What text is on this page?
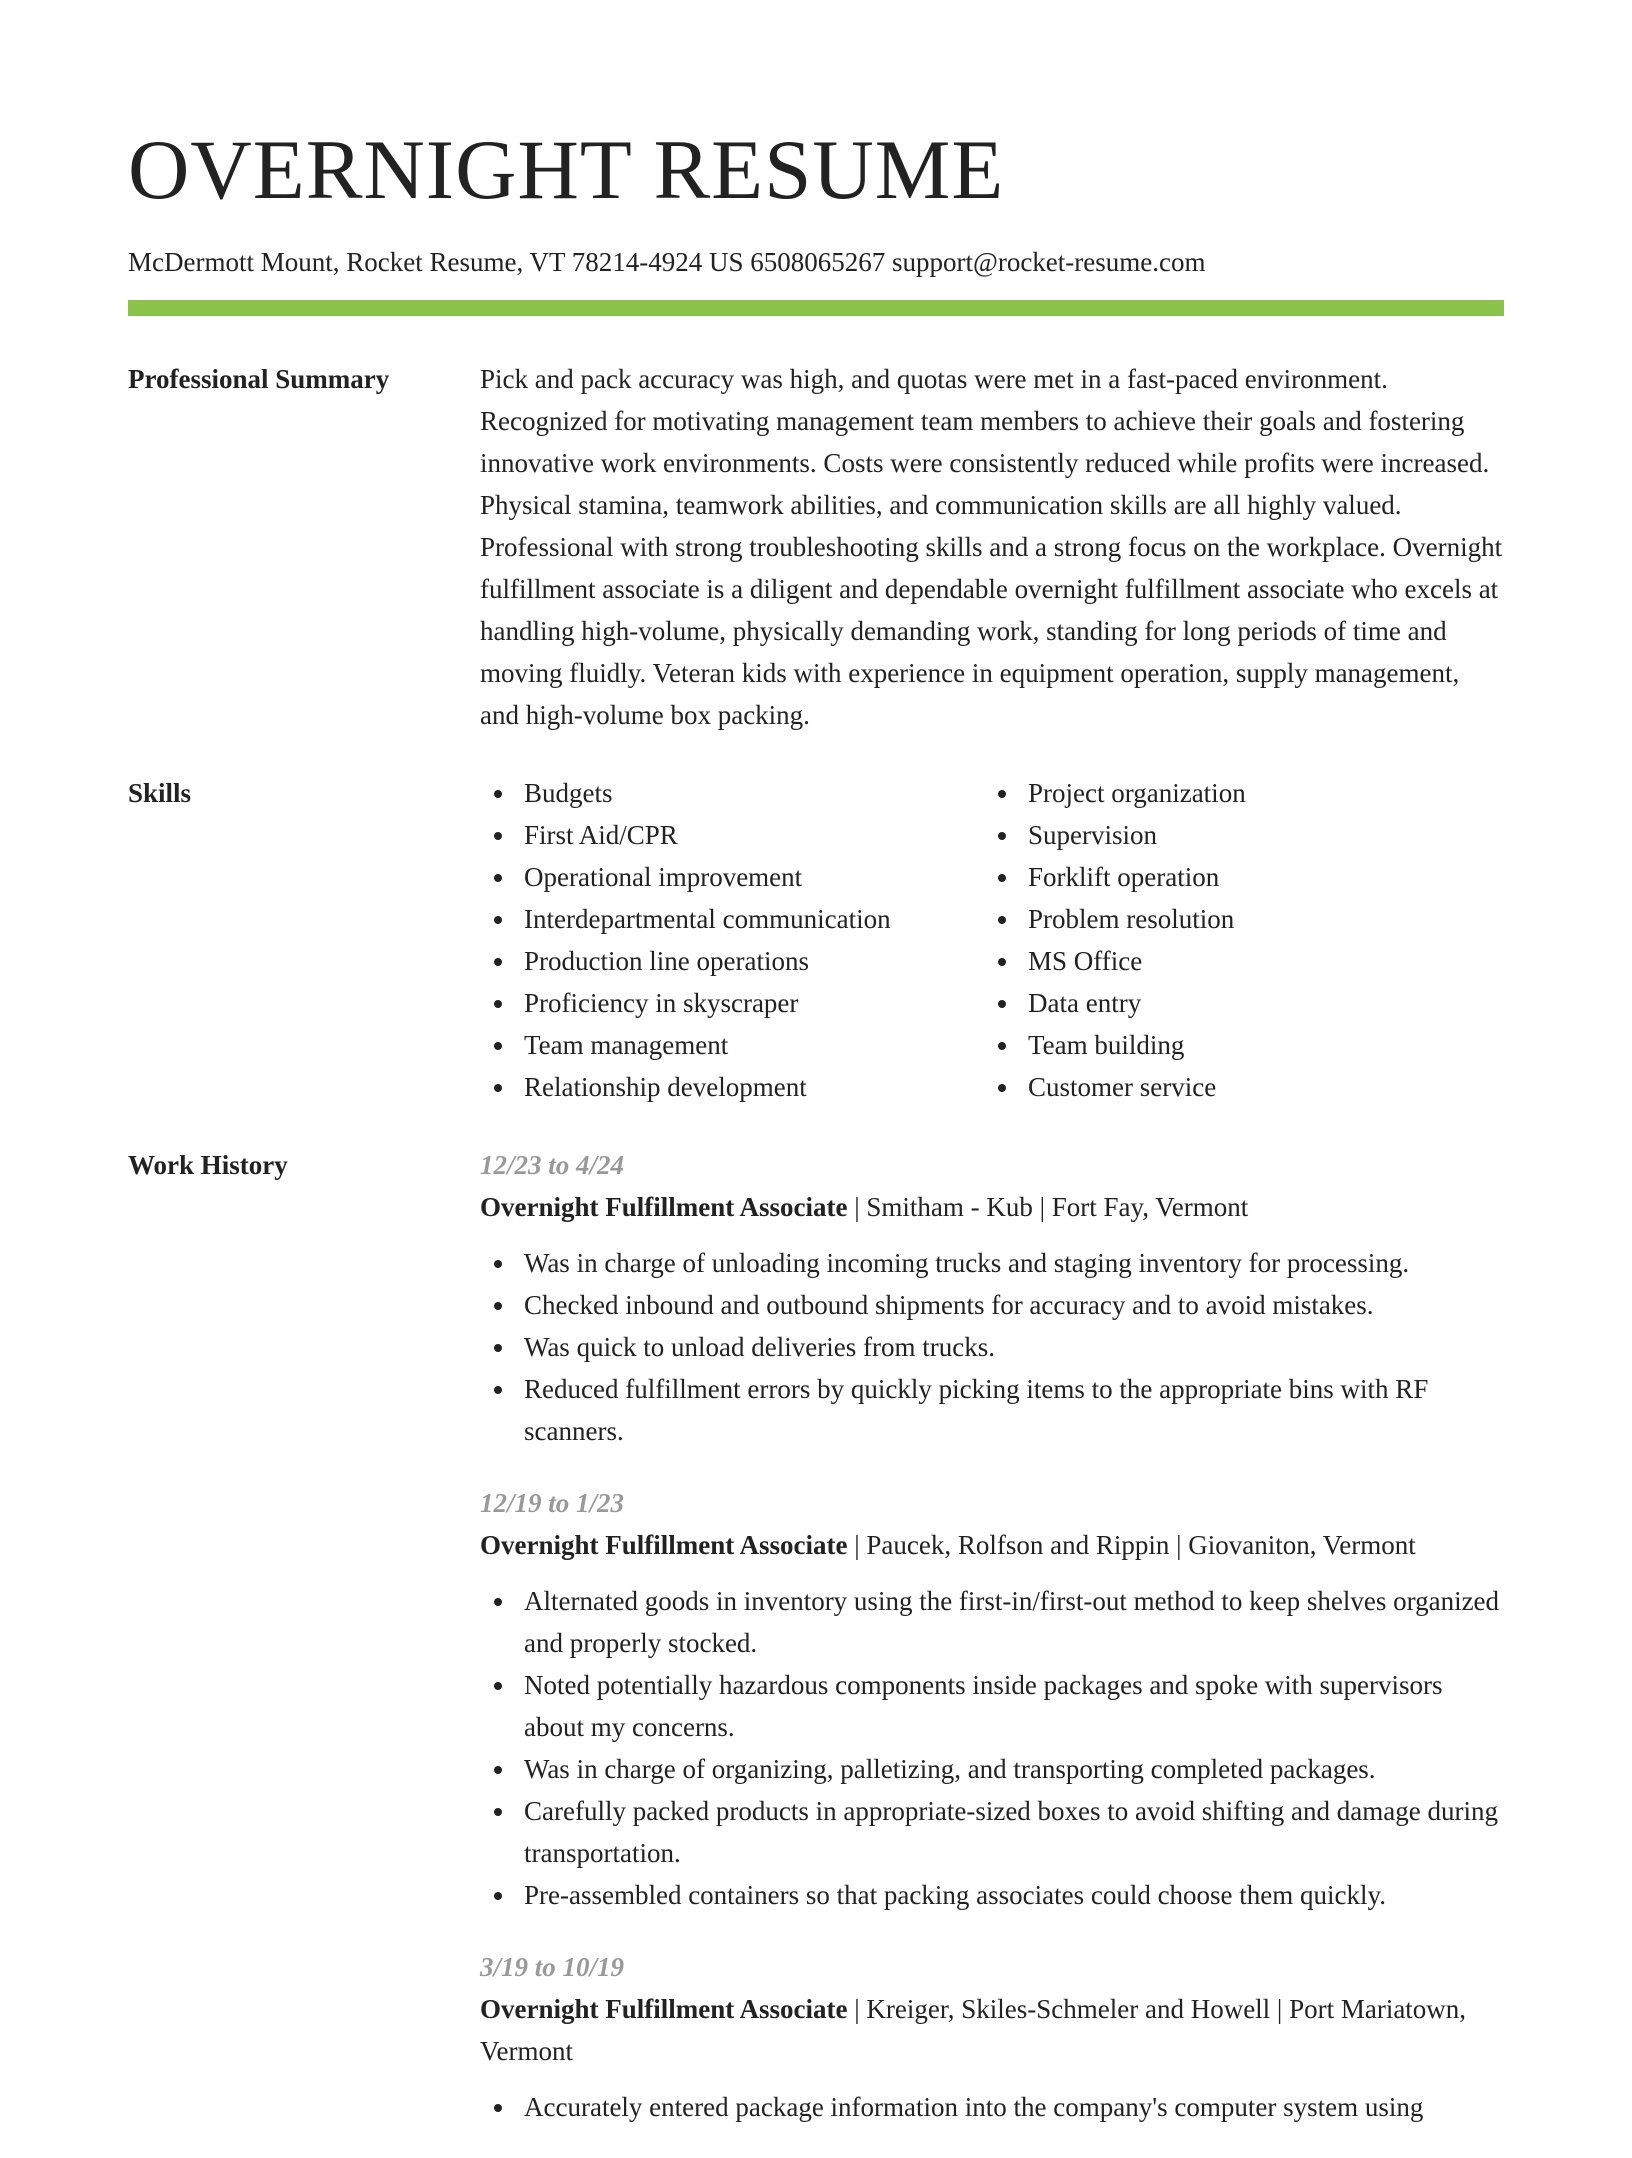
OVERNIGHT RESUME
McDermott Mount, Rocket Resume, VT 78214-4924 US 6508065267 support@rocket-resume.com
Professional Summary	Pick and pack accuracy was high, and quotas were met in a fast-paced environment. Recognized for motivating management team members to achieve their goals and fostering innovative work environments. Costs were consistently reduced while profits were increased. Physical stamina, teamwork abilities, and communication skills are all highly valued. Professional with strong troubleshooting skills and a strong focus on the workplace. Overnight fulfillment associate is a diligent and dependable overnight fulfillment associate who excels at handling high-volume, physically demanding work, standing for long periods of time and moving fluidly. Veteran kids with experience in equipment operation, supply management, and high-volume box packing.

Skills	Budgets
First Aid/CPR
Operational improvement
Interdepartmental communication
Production line operations
Proficiency in skyscraper
Team management
Relationship development
Project organization
Supervision
Forklift operation
Problem resolution
MS Office
Data entry
Team building
Customer service
Work History	12/23 to 4/24
Overnight Fulfillment Associate | Smitham - Kub | Fort Fay, Vermont
Was in charge of unloading incoming trucks and staging inventory for processing.
Checked inbound and outbound shipments for accuracy and to avoid mistakes.
Was quick to unload deliveries from trucks.
Reduced fulfillment errors by quickly picking items to the appropriate bins with RF scanners.
12/19 to 1/23
Overnight Fulfillment Associate | Paucek, Rolfson and Rippin | Giovaniton, Vermont
Alternated goods in inventory using the first-in/first-out method to keep shelves organized and properly stocked.
Noted potentially hazardous components inside packages and spoke with supervisors about my concerns.
Was in charge of organizing, palletizing, and transporting completed packages.
Carefully packed products in appropriate-sized boxes to avoid shifting and damage during transportation.
Pre-assembled containers so that packing associates could choose them quickly.
3/19 to 10/19
Overnight Fulfillment Associate | Kreiger, Skiles-Schmeler and Howell | Port Mariatown, Vermont
Accurately entered package information into the company's computer system using
